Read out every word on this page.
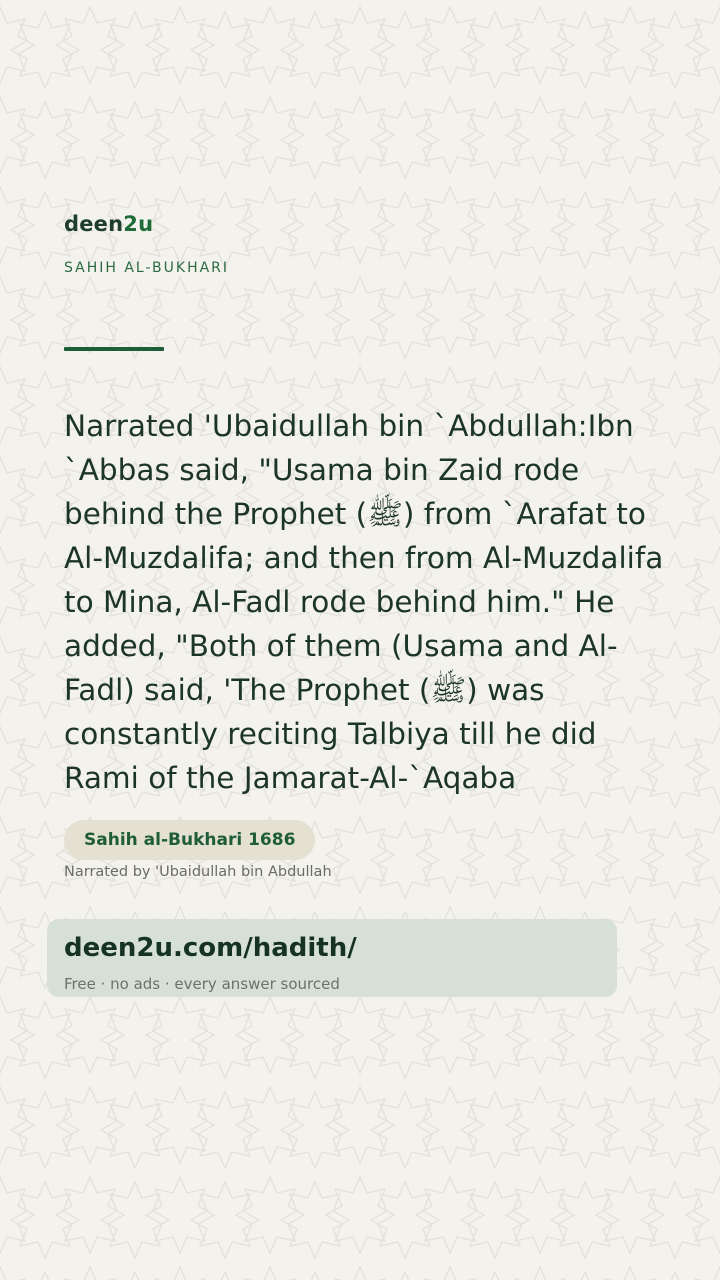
deen2u
SAHIH AL-BUKHARI

Narrated 'Ubaidullah bin `Abdullah:Ibn `Abbas said, "Usama bin Zaid rode behind the Prophet (ﷺ) from `Arafat to Al-Muzdalifa; and then from Al-Muzdalifa to Mina, Al-Fadl rode behind him." He added, "Both of them (Usama and Al-Fadl) said, 'The Prophet (ﷺ) was constantly reciting Talbiya till he did Rami of the Jamarat-Al-`Aqaba

Sahih al-Bukhari 1686
Narrated by 'Ubaidullah bin Abdullah
deen2u.com/hadith/
Free · no ads · every answer sourced
